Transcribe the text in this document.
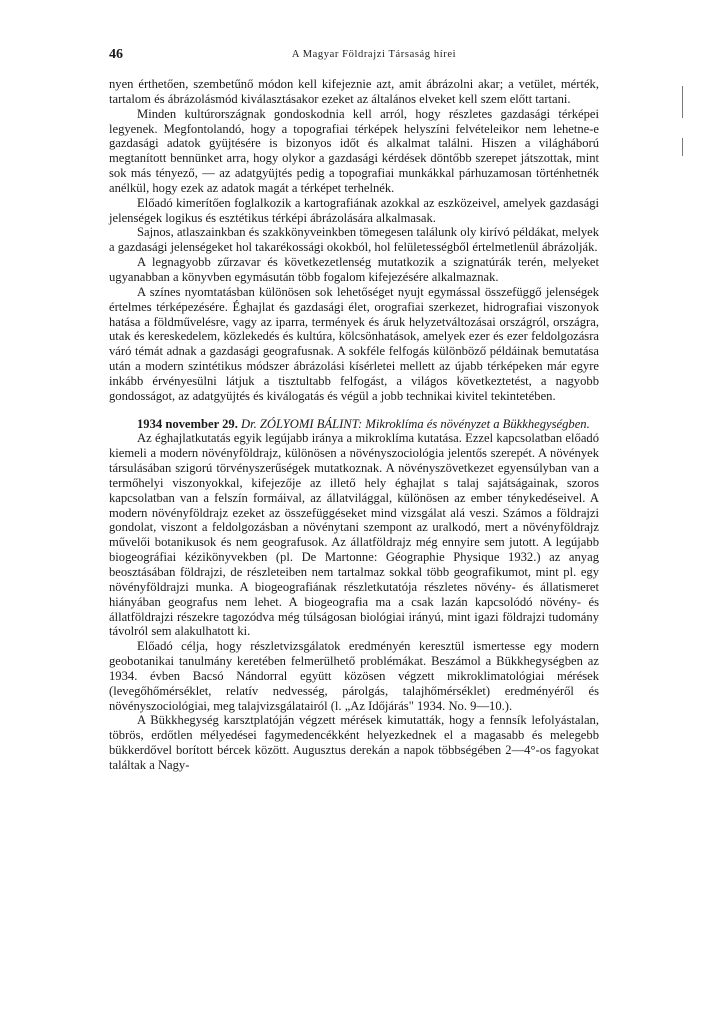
46	A Magyar Földrajzi Társaság hírei

nyen érthetően, szembetűnő módon kell kifejeznie azt, amit ábrázolni akar; a vetület, mérték, tartalom és ábrázolásmód kiválasztásakor ezeket az általános elveket kell szem előtt tartani.

Minden kultúrországnak gondoskodnia kell arról, hogy részletes gazdasági térképei legyenek. Megfontolandó, hogy a topografiai térképek helyszíni felvételeikor nem lehetne-e gazdasági adatok gyüjtésére is bizonyos időt és alkalmat találni. Hiszen a világháború megtanított bennünket arra, hogy olykor a gazdasági kérdések döntőbb szerepet játszottak, mint sok más tényező, — az adatgyüjtés pedig a topografiai munkákkal párhuzamosan történhetnék anélkül, hogy ezek az adatok magát a térképet terhelnék.

Előadó kimerítően foglalkozik a kartografiának azokkal az eszközeivel, amelyek gazdasági jelenségek logikus és esztétikus térképi ábrázolására alkalmasak.

Sajnos, atlaszainkban és szakkönyveinkben tömegesen találunk oly kirívó példákat, melyek a gazdasági jelenségeket hol takarékossági okokból, hol felületességből értelmetlenül ábrázolják.

A legnagyobb zűrzavar és következetlenség mutatkozik a szignatúrák terén, melyeket ugyanabban a könyvben egymásután több fogalom kifejezésére alkalmaznak.

A színes nyomtatásban különösen sok lehetőséget nyujt egymással összefüggő jelenségek értelmes térképezésére. Éghajlat és gazdasági élet, orografiai szerkezet, hidrografiai viszonyok hatása a földművelésre, vagy az iparra, termények és áruk helyzetváltozásai országról, országra, utak és kereskedelem, közlekedés és kultúra, kölcsönhatások, amelyek ezer és ezer feldolgozásra váró témát adnak a gazdasági geografusnak. A sokféle felfogás különböző példáinak bemutatása után a modern szintétikus módszer ábrázolási kísérletei mellett az újabb térképeken már egyre inkább érvényesülni látjuk a tisztultabb felfogást, a világos következtetést, a nagyobb gondosságot, az adatgyüjtés és kiválogatás és végül a jobb technikai kivitel tekintetében.

1934 november 29. Dr. ZÓLYOMI BÁLINT: Mikroklíma és növényzet a Bükkhegységben.

Az éghajlatkutatás egyik legújabb iránya a mikroklíma kutatása. Ezzel kapcsolatban előadó kiemeli a modern növényföldrajz, különösen a növényszociológia jelentős szerepét. A növények társulásában szigorú törvényszerűségek mutatkoznak. A növényszövetkezet egyensúlyban van a termőhelyi viszonyokkal, kifejezője az illető hely éghajlat s talaj sajátságainak, szoros kapcsolatban van a felszín formáival, az állatvilággal, különösen az ember ténykedéseivel. A modern növényföldrajz ezeket az összefüggéseket mind vizsgálat alá veszi. Számos a földrajzi gondolat, viszont a feldolgozásban a növénytani szempont az uralkodó, mert a növényföldrajz művelői botanikusok és nem geografusok. Az állatföldrajz még ennyire sem jutott. A legújabb biogeográfiai kézikönyvekben (pl. De Martonne: Géographie Physique 1932.) az anyag beosztásában földrajzi, de részleteiben nem tartalmaz sokkal több geografikumot, mint pl. egy növényföldrajzi munka. A biogeografiának részletkutatója részletes növény- és állatismeret hiányában geografus nem lehet. A biogeografia ma a csak lazán kapcsolódó növény- és állatföldrajzi részekre tagozódva még túlságosan biológiai irányú, mint igazi földrajzi tudomány távolról sem alakulhatott ki.

Előadó célja, hogy részletvizsgálatok eredményén keresztül ismertesse egy modern geobotanikai tanulmány keretében felmerülhető problémákat. Beszámol a Bükkhegységben az 1934. évben Bacsó Nándorral együtt közösen végzett mikroklimatológiai mérések (levegőhőmérséklet, relatív nedvesség, párolgás, talajhőmérséklet) eredményéről és növényszociológiai, meg talajvizsgálatairól (l. „Az Időjárás" 1934. No. 9—10.).

A Bükkhegység karsztplatóján végzett mérések kimutatták, hogy a fennsík lefolyástalan, töbrös, erdőtlen mélyedései fagymedencékként helyezkednek el a magasabb és melegebb bükkerdővel borított bércek között. Augusztus derekán a napok többségében 2—4°-os fagyokat találtak a Nagy-
